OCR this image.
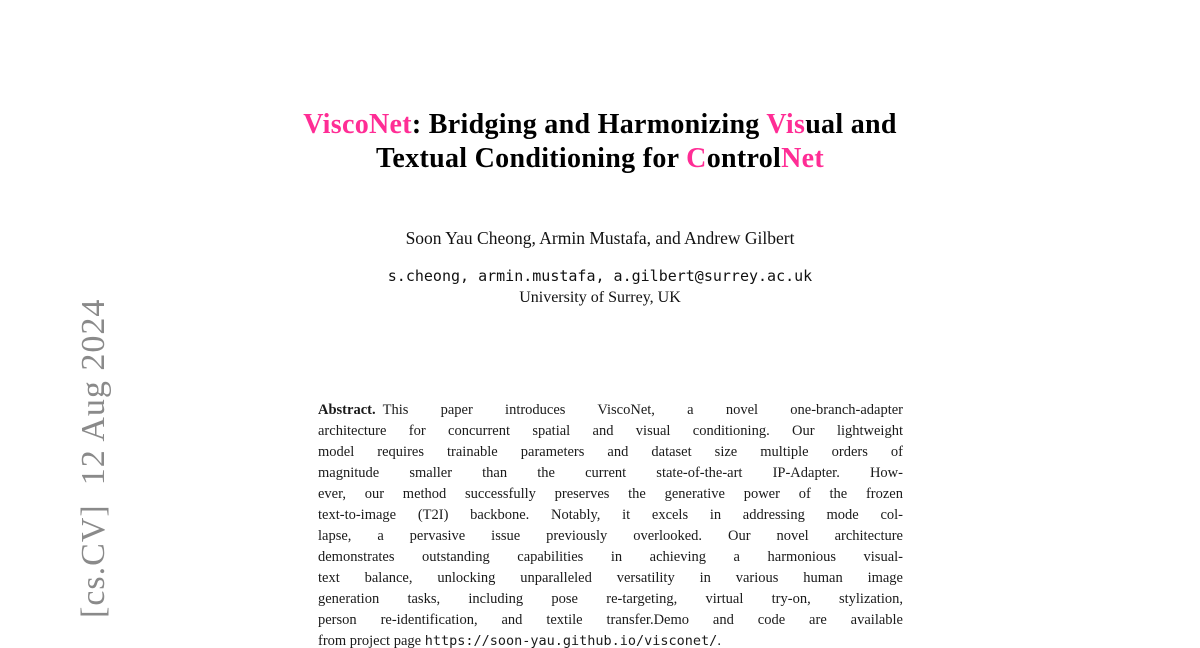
[cs.CV]  12 Aug 2024

ViscoNet: Bridging and Harmonizing Visual and
Textual Conditioning for ControlNet
Soon Yau Cheong, Armin Mustafa, and Andrew Gilbert
s.cheong, armin.mustafa, a.gilbert@surrey.ac.uk
University of Surrey, UK
Abstract. This paper introduces ViscoNet, a novel one-branch-adapter
architecture for concurrent spatial and visual conditioning. Our lightweight
model requires trainable parameters and dataset size multiple orders of
magnitude smaller than the current state-of-the-art IP-Adapter. How-
ever, our method successfully preserves the generative power of the frozen
text-to-image (T2I) backbone. Notably, it excels in addressing mode col-
lapse, a pervasive issue previously overlooked. Our novel architecture
demonstrates outstanding capabilities in achieving a harmonious visual-
text balance, unlocking unparalleled versatility in various human image
generation tasks, including pose re-targeting, virtual try-on, stylization,
person re-identification, and textile transfer.Demo and code are available
from project page https://soon-yau.github.io/visconet/.
